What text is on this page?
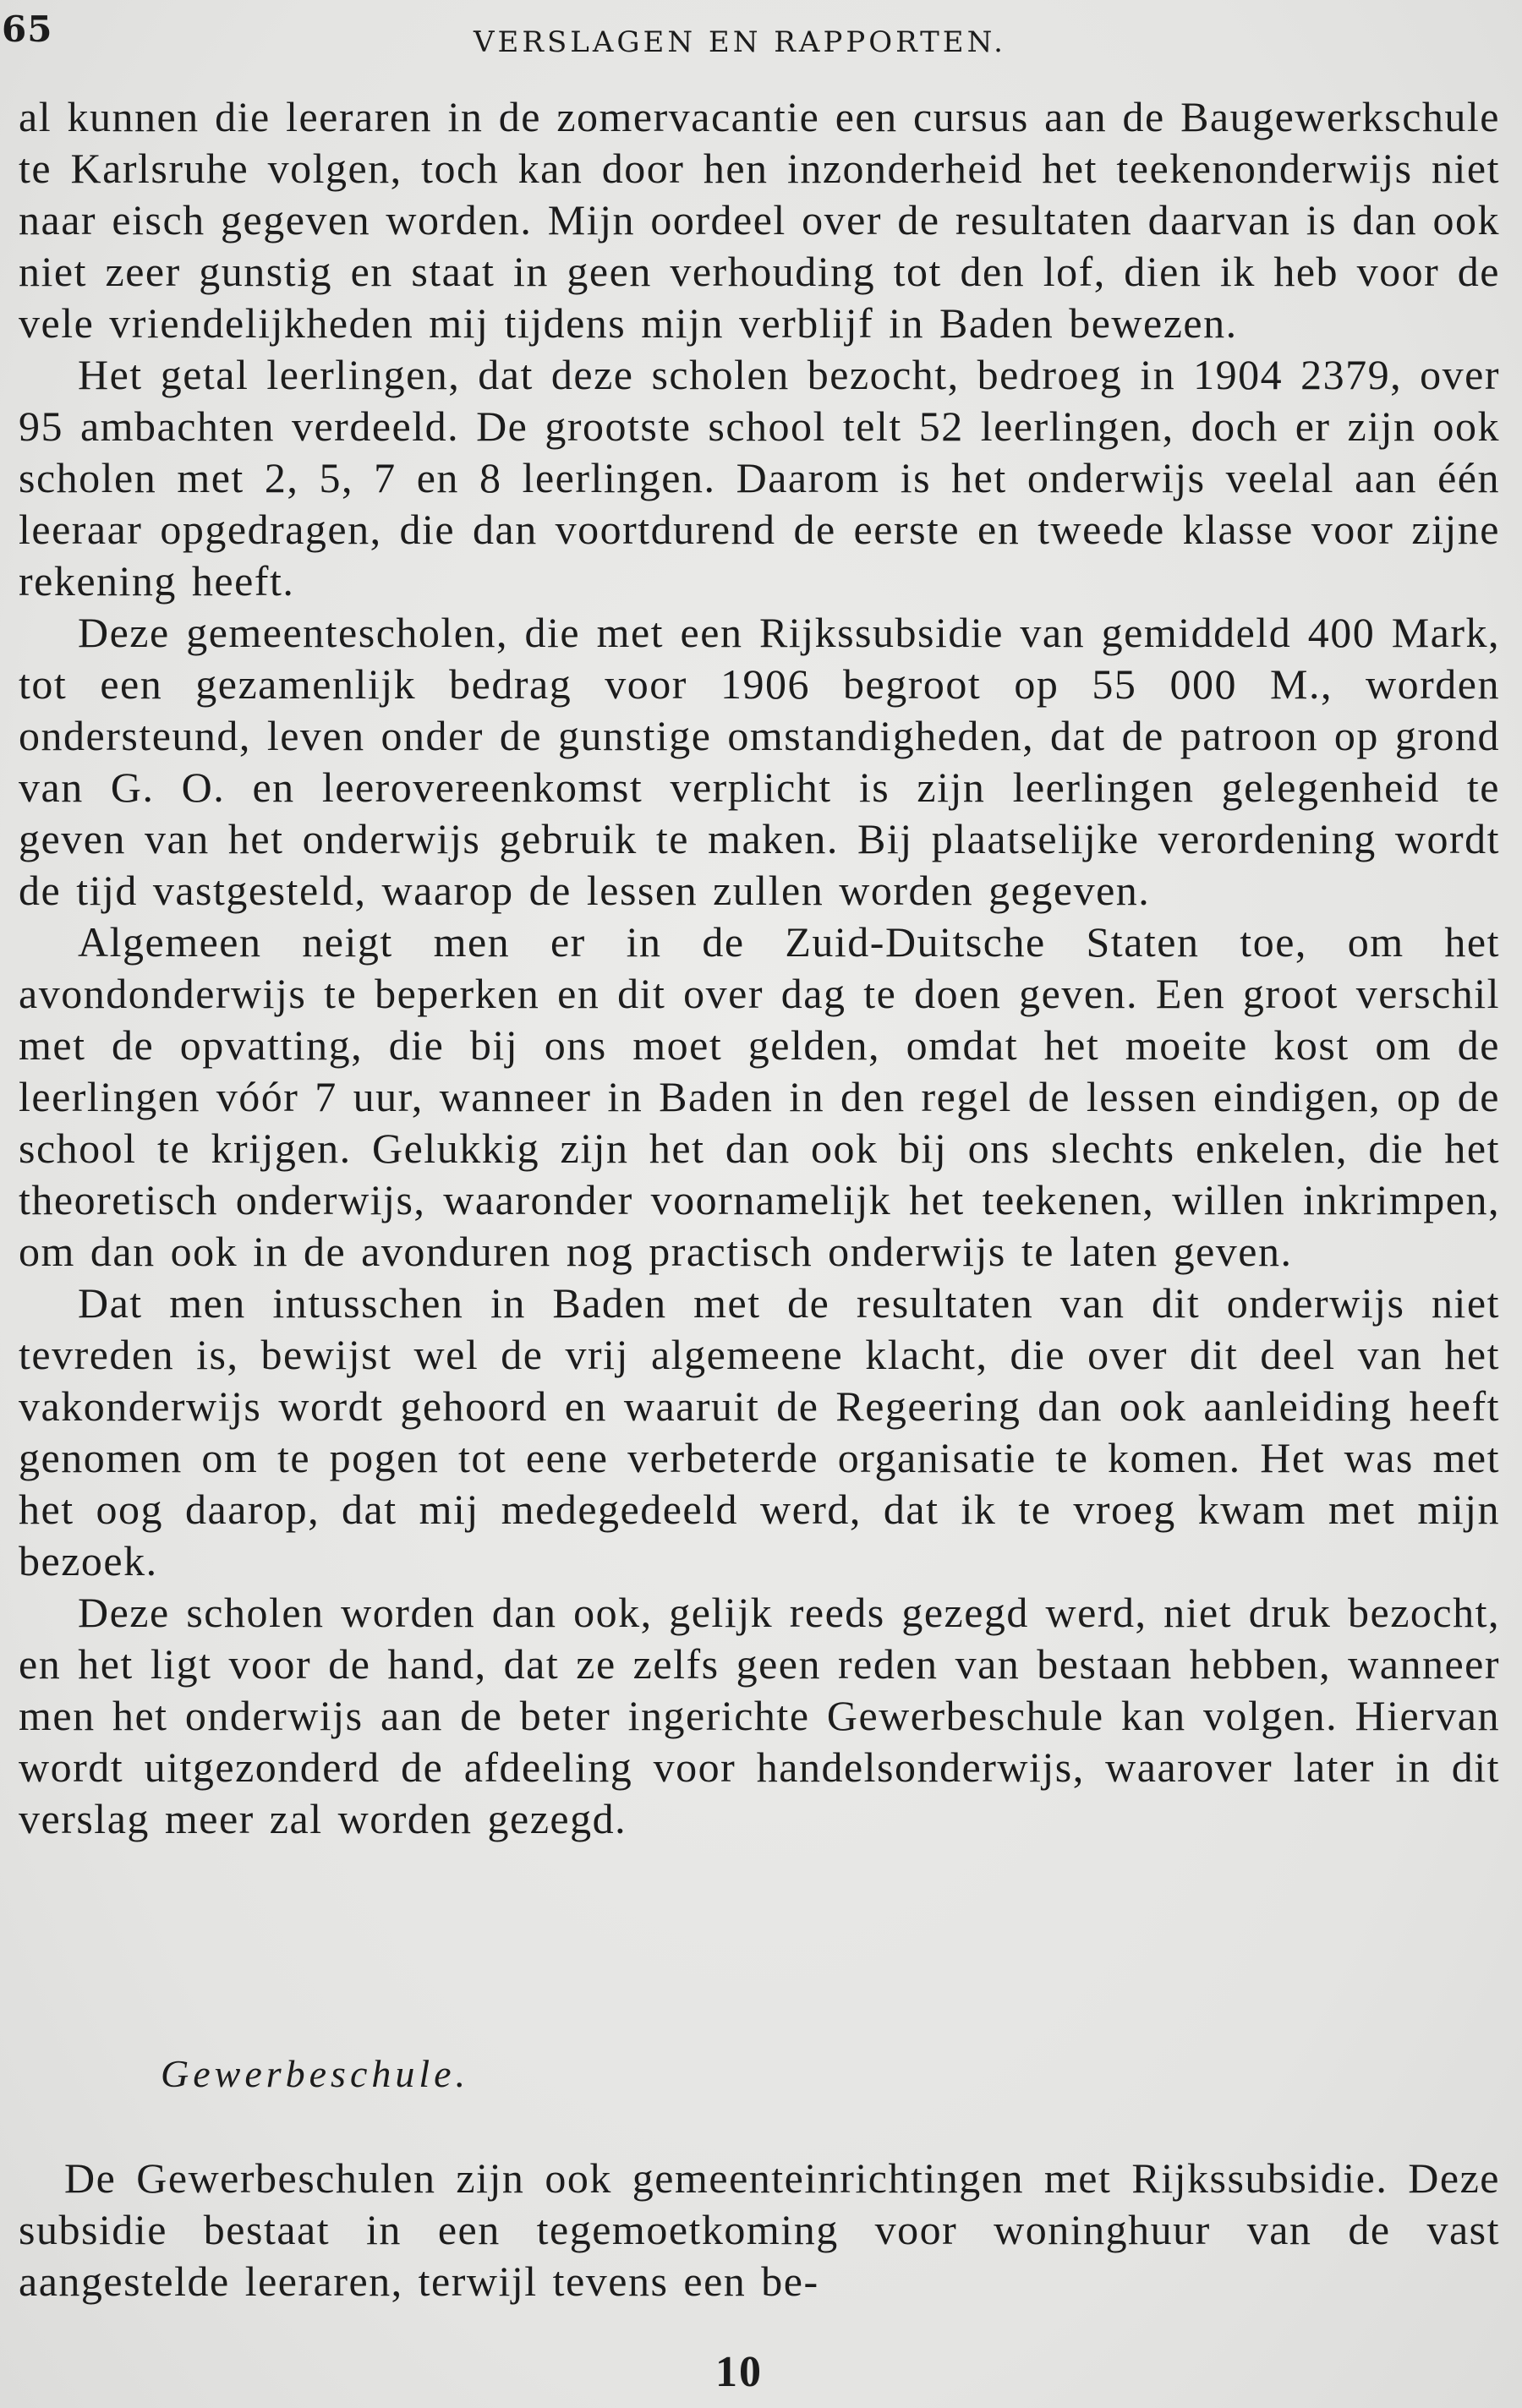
65	VERSLAGEN EN RAPPORTEN.

al kunnen die leeraren in de zomervacantie een cursus aan de Baugewerkschule te Karlsruhe volgen, toch kan door hen inzonderheid het teekenonderwijs niet naar eisch gegeven worden. Mijn oordeel over de resultaten daarvan is dan ook niet zeer gunstig en staat in geen verhouding tot den lof, dien ik heb voor de vele vriendelijkheden mij tijdens mijn verblijf in Baden bewezen.

Het getal leerlingen, dat deze scholen bezocht, bedroeg in 1904 2379, over 95 ambachten verdeeld. De grootste school telt 52 leerlingen, doch er zijn ook scholen met 2, 5, 7 en 8 leerlingen. Daarom is het onderwijs veelal aan één leeraar opgedragen, die dan voortdurend de eerste en tweede klasse voor zijne rekening heeft.

Deze gemeentescholen, die met een Rijkssubsidie van gemiddeld 400 Mark, tot een gezamenlijk bedrag voor 1906 begroot op 55 000 M., worden ondersteund, leven onder de gunstige omstandigheden, dat de patroon op grond van G. O. en leerovereenkomst verplicht is zijn leerlingen gelegenheid te geven van het onderwijs gebruik te maken. Bij plaatselijke verordening wordt de tijd vastgesteld, waarop de lessen zullen worden gegeven.

Algemeen neigt men er in de Zuid-Duitsche Staten toe, om het avondonderwijs te beperken en dit over dag te doen geven. Een groot verschil met de opvatting, die bij ons moet gelden, omdat het moeite kost om de leerlingen vóór 7 uur, wanneer in Baden in den regel de lessen eindigen, op de school te krijgen. Gelukkig zijn het dan ook bij ons slechts enkelen, die het theoretisch onderwijs, waaronder voornamelijk het teekenen, willen inkrimpen, om dan ook in de avonduren nog practisch onderwijs te laten geven.

Dat men intusschen in Baden met de resultaten van dit onderwijs niet tevreden is, bewijst wel de vrij algemeene klacht, die over dit deel van het vakonderwijs wordt gehoord en waaruit de Regeering dan ook aanleiding heeft genomen om te pogen tot eene verbeterde organisatie te komen. Het was met het oog daarop, dat mij medegedeeld werd, dat ik te vroeg kwam met mijn bezoek.

Deze scholen worden dan ook, gelijk reeds gezegd werd, niet druk bezocht, en het ligt voor de hand, dat ze zelfs geen reden van bestaan hebben, wanneer men het onderwijs aan de beter ingerichte Gewerbeschule kan volgen. Hiervan wordt uitgezonderd de afdeeling voor handelsonderwijs, waarover later in dit verslag meer zal worden gezegd.

Gewerbeschule.

De Gewerbeschulen zijn ook gemeenteinrichtingen met Rijkssubsidie. Deze subsidie bestaat in een tegemoetkoming voor woninghuur van de vast aangestelde leeraren, terwijl tevens een be-

10
